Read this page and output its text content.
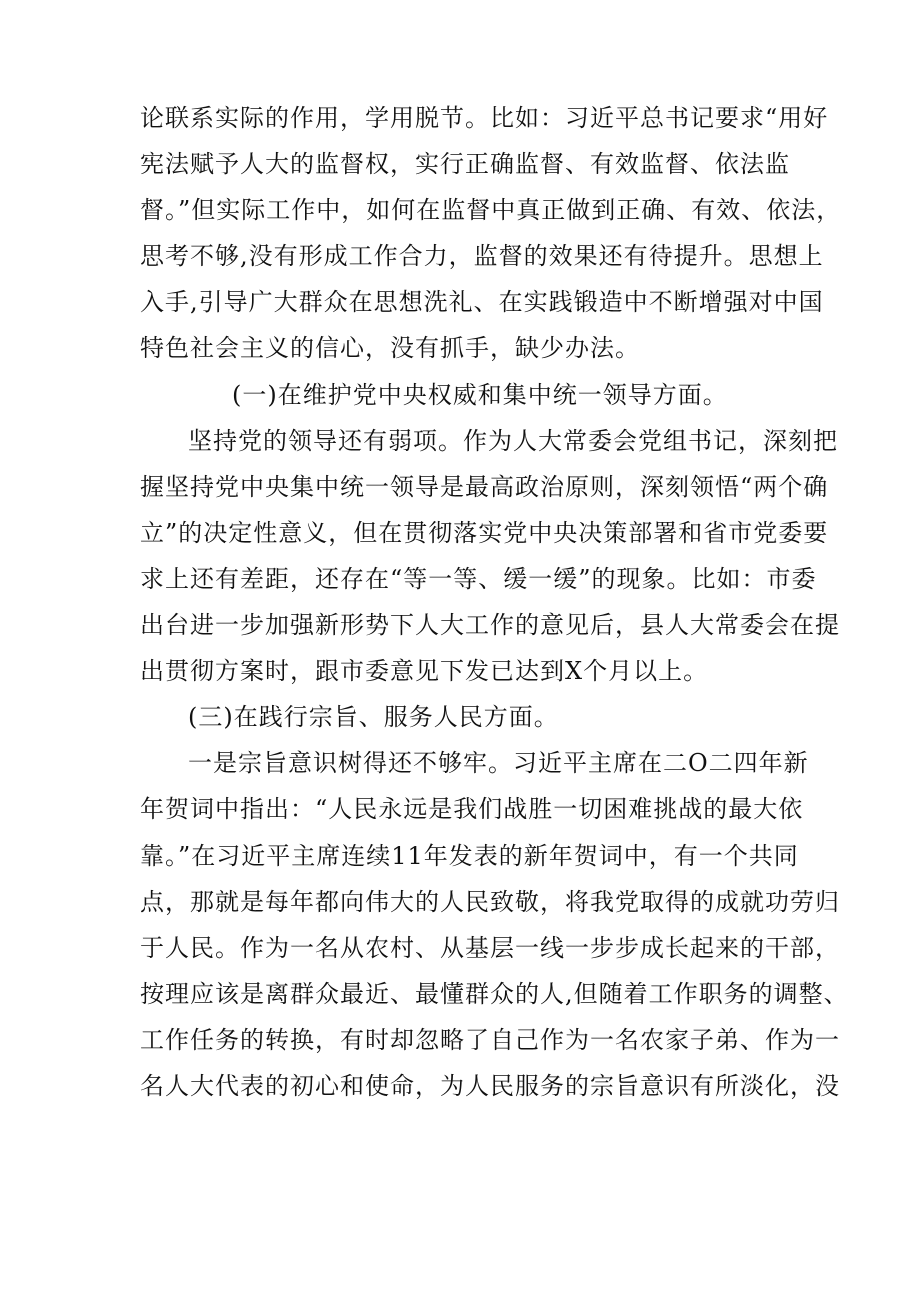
论联系实际的作用，学用脱节。比如：习近平总书记要求“用好
宪法赋予人大的监督权，实行正确监督、有效监督、依法监
督。”但实际工作中，如何在监督中真正做到正确、有效、依法，
思考不够,没有形成工作合力，监督的效果还有待提升。思想上
入手,引导广大群众在思想洗礼、在实践锻造中不断增强对中国
特色社会主义的信心，没有抓手，缺少办法。
(一)在维护党中央权威和集中统一领导方面。
坚持党的领导还有弱项。作为人大常委会党组书记，深刻把
握坚持党中央集中统一领导是最高政治原则，深刻领悟“两个确
立”的决定性意义，但在贯彻落实党中央决策部署和省市党委要
求上还有差距，还存在“等一等、缓一缓”的现象。比如：市委
出台进一步加强新形势下人大工作的意见后，县人大常委会在提
出贯彻方案时，跟市委意见下发已达到X个月以上。
(三)在践行宗旨、服务人民方面。
一是宗旨意识树得还不够牢。习近平主席在二O二四年新
年贺词中指出：“人民永远是我们战胜一切困难挑战的最大依
靠。”在习近平主席连续11年发表的新年贺词中，有一个共同
点，那就是每年都向伟大的人民致敬，将我党取得的成就功劳归
于人民。作为一名从农村、从基层一线一步步成长起来的干部，
按理应该是离群众最近、最懂群众的人,但随着工作职务的调整、
工作任务的转换，有时却忽略了自己作为一名农家子弟、作为一
名人大代表的初心和使命，为人民服务的宗旨意识有所淡化，没
